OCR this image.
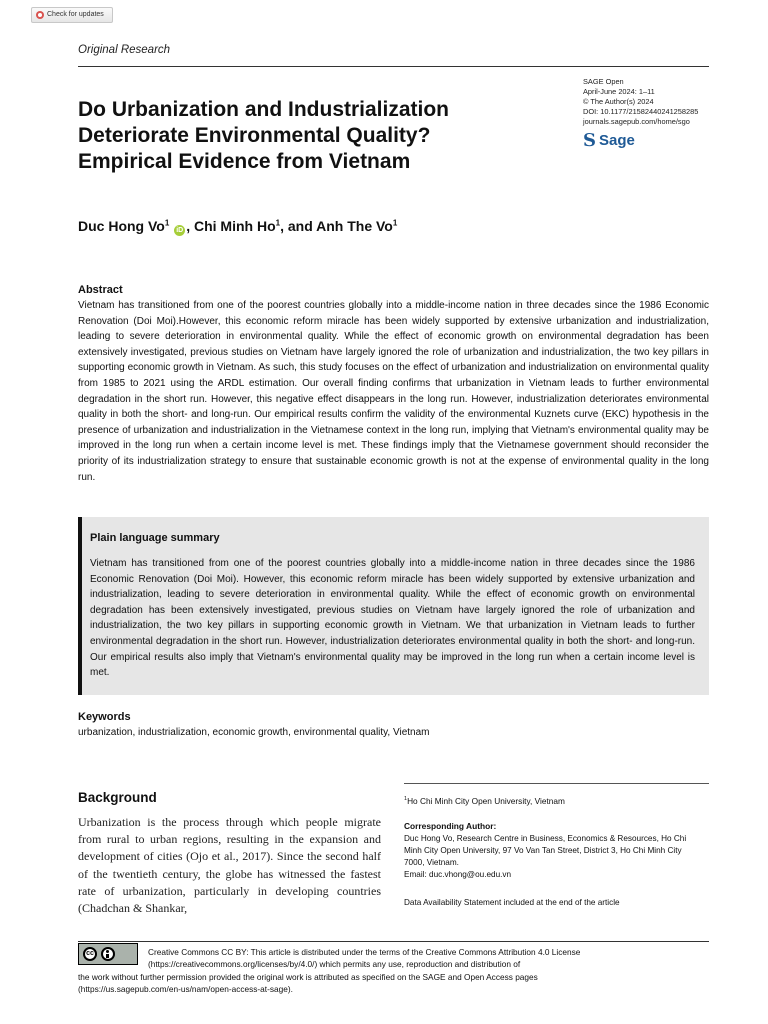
Check for updates
Original Research
SAGE Open
April-June 2024: 1–11
© The Author(s) 2024
DOI: 10.1177/21582440241258285
journals.sagepub.com/home/sgo
S Sage
Do Urbanization and Industrialization Deteriorate Environmental Quality? Empirical Evidence from Vietnam
Duc Hong Vo$^1$ iD , Chi Minh Ho$^1$, and Anh The Vo$^1$
Abstract
Vietnam has transitioned from one of the poorest countries globally into a middle-income nation in three decades since the 1986 Economic Renovation (Doi Moi).However, this economic reform miracle has been widely supported by extensive urbanization and industrialization, leading to severe deterioration in environmental quality. While the effect of economic growth on environmental degradation has been extensively investigated, previous studies on Vietnam have largely ignored the role of urbanization and industrialization, the two key pillars in supporting economic growth in Vietnam. As such, this study focuses on the effect of urbanization and industrialization on environmental quality from 1985 to 2021 using the ARDL estimation. Our overall finding confirms that urbanization in Vietnam leads to further environmental degradation in the short run. However, this negative effect disappears in the long run. However, industrialization deteriorates environmental quality in both the short- and long-run. Our empirical results confirm the validity of the environmental Kuznets curve (EKC) hypothesis in the presence of urbanization and industrialization in the Vietnamese context in the long run, implying that Vietnam's environmental quality may be improved in the long run when a certain income level is met. These findings imply that the Vietnamese government should reconsider the priority of its industrialization strategy to ensure that sustainable economic growth is not at the expense of environmental quality in the long run.
Plain language summary
Vietnam has transitioned from one of the poorest countries globally into a middle-income nation in three decades since the 1986 Economic Renovation (Doi Moi). However, this economic reform miracle has been widely supported by extensive urbanization and industrialization, leading to severe deterioration in environmental quality. While the effect of economic growth on environmental degradation has been extensively investigated, previous studies on Vietnam have largely ignored the role of urbanization and industrialization, the two key pillars in supporting economic growth in Vietnam. We that urbanization in Vietnam leads to further environmental degradation in the short run. However, industrialization deteriorates environmental quality in both the short- and long-run. Our empirical results also imply that Vietnam's environmental quality may be improved in the long run when a certain income level is met.
Keywords
urbanization, industrialization, economic growth, environmental quality, Vietnam
Background
Urbanization is the process through which people migrate from rural to urban regions, resulting in the expansion and development of cities (Ojo et al., 2017). Since the second half of the twentieth century, the globe has witnessed the fastest rate of urbanization, particularly in developing countries (Chadchan & Shankar,
$^1$Ho Chi Minh City Open University, Vietnam
Corresponding Author:
Duc Hong Vo, Research Centre in Business, Economics & Resources, Ho Chi Minh City Open University, 97 Vo Van Tan Street, District 3, Ho Chi Minh City 7000, Vietnam.
Email: duc.vhong@ou.edu.vn
Data Availability Statement included at the end of the article
cc	Creative Commons CC BY: This article is distributed under the terms of the Creative Commons Attribution 4.0 License (https://creativecommons.org/licenses/by/4.0/) which permits any use, reproduction and distribution of
the work without further permission provided the original work is attributed as specified on the SAGE and Open Access pages (https://us.sagepub.com/en-us/nam/open-access-at-sage).
